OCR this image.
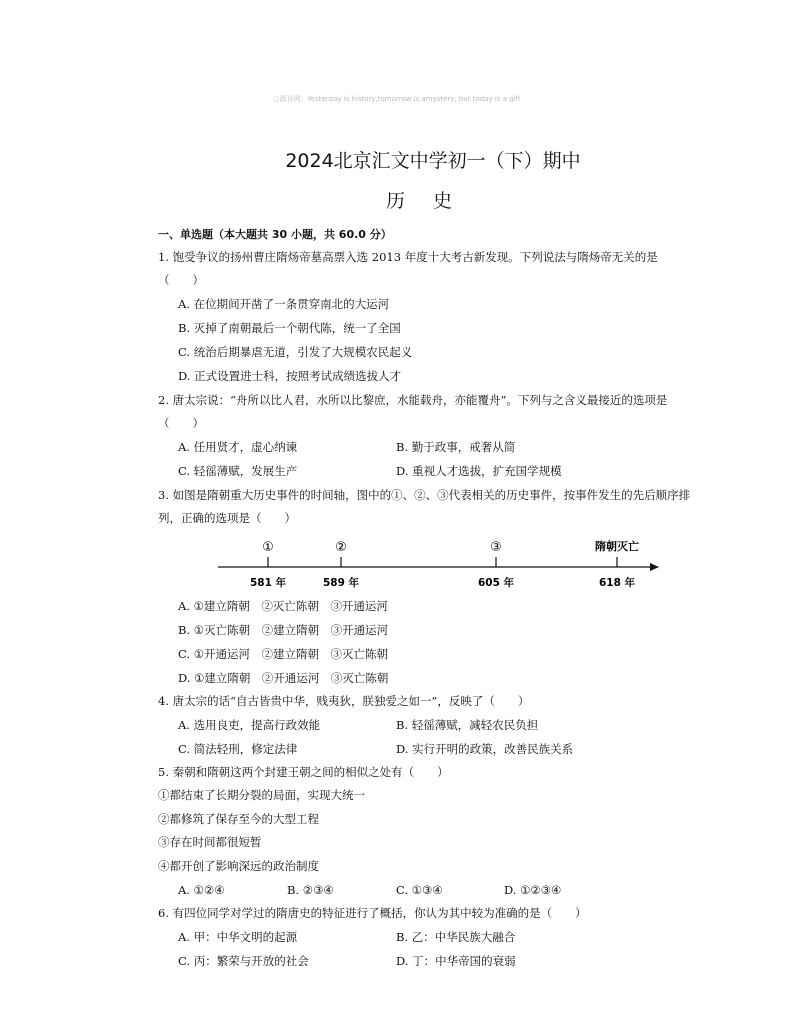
○源自网：Yesterday is history,tomorrow is amystery, but today is a gift
2024北京汇文中学初一（下）期中
历史
一、单选题（本大题共 30 小题，共 60.0 分）
1. 饱受争议的扬州曹庄隋炀帝墓高票入选 2013 年度十大考古新发现。下列说法与隋炀帝无关的是
（　　）
A. 在位期间开凿了一条贯穿南北的大运河
B. 灭掉了南朝最后一个朝代陈，统一了全国
C. 统治后期暴虐无道，引发了大规模农民起义
D. 正式设置进士科，按照考试成绩选拔人才
2. 唐太宗说：“舟所以比人君，水所以比黎庶，水能载舟，亦能覆舟”。下列与之含义最接近的选项是
（　　）
A. 任用贤才，虚心纳谏	B. 勤于政事，戒奢从简
C. 轻徭薄赋，发展生产	D. 重视人才选拔，扩充国学规模
3. 如图是隋朝重大历史事件的时间轴，图中的①、②、③代表相关的历史事件，按事件发生的先后顺序排
列，正确的选项是（　　）
①	②	③	隋朝灭亡
581 年	589 年	605 年	618 年
A. ①建立隋朝　②灭亡陈朝　③开通运河
B. ①灭亡陈朝　②建立隋朝　③开通运河
C. ①开通运河　②建立隋朝　③灭亡陈朝
D. ①建立隋朝　②开通运河　③灭亡陈朝
4. 唐太宗的话“自古皆贵中华，贱夷狄，朕独爱之如一”，反映了（　　）
A. 选用良吏，提高行政效能	B. 轻徭薄赋，减轻农民负担
C. 简法轻刑，修定法律	D. 实行开明的政策，改善民族关系
5. 秦朝和隋朝这两个封建王朝之间的相似之处有（　　）
①都结束了长期分裂的局面，实现大统一
②都修筑了保存至今的大型工程
③存在时间都很短暂
④都开创了影响深远的政治制度
A. ①②④	B. ②③④	C. ①③④	D. ①②③④
6. 有四位同学对学过的隋唐史的特征进行了概括，你认为其中较为准确的是（　　）
A. 甲：中华文明的起源	B. 乙：中华民族大融合
C. 丙：繁荣与开放的社会	D. 丁：中华帝国的衰弱
